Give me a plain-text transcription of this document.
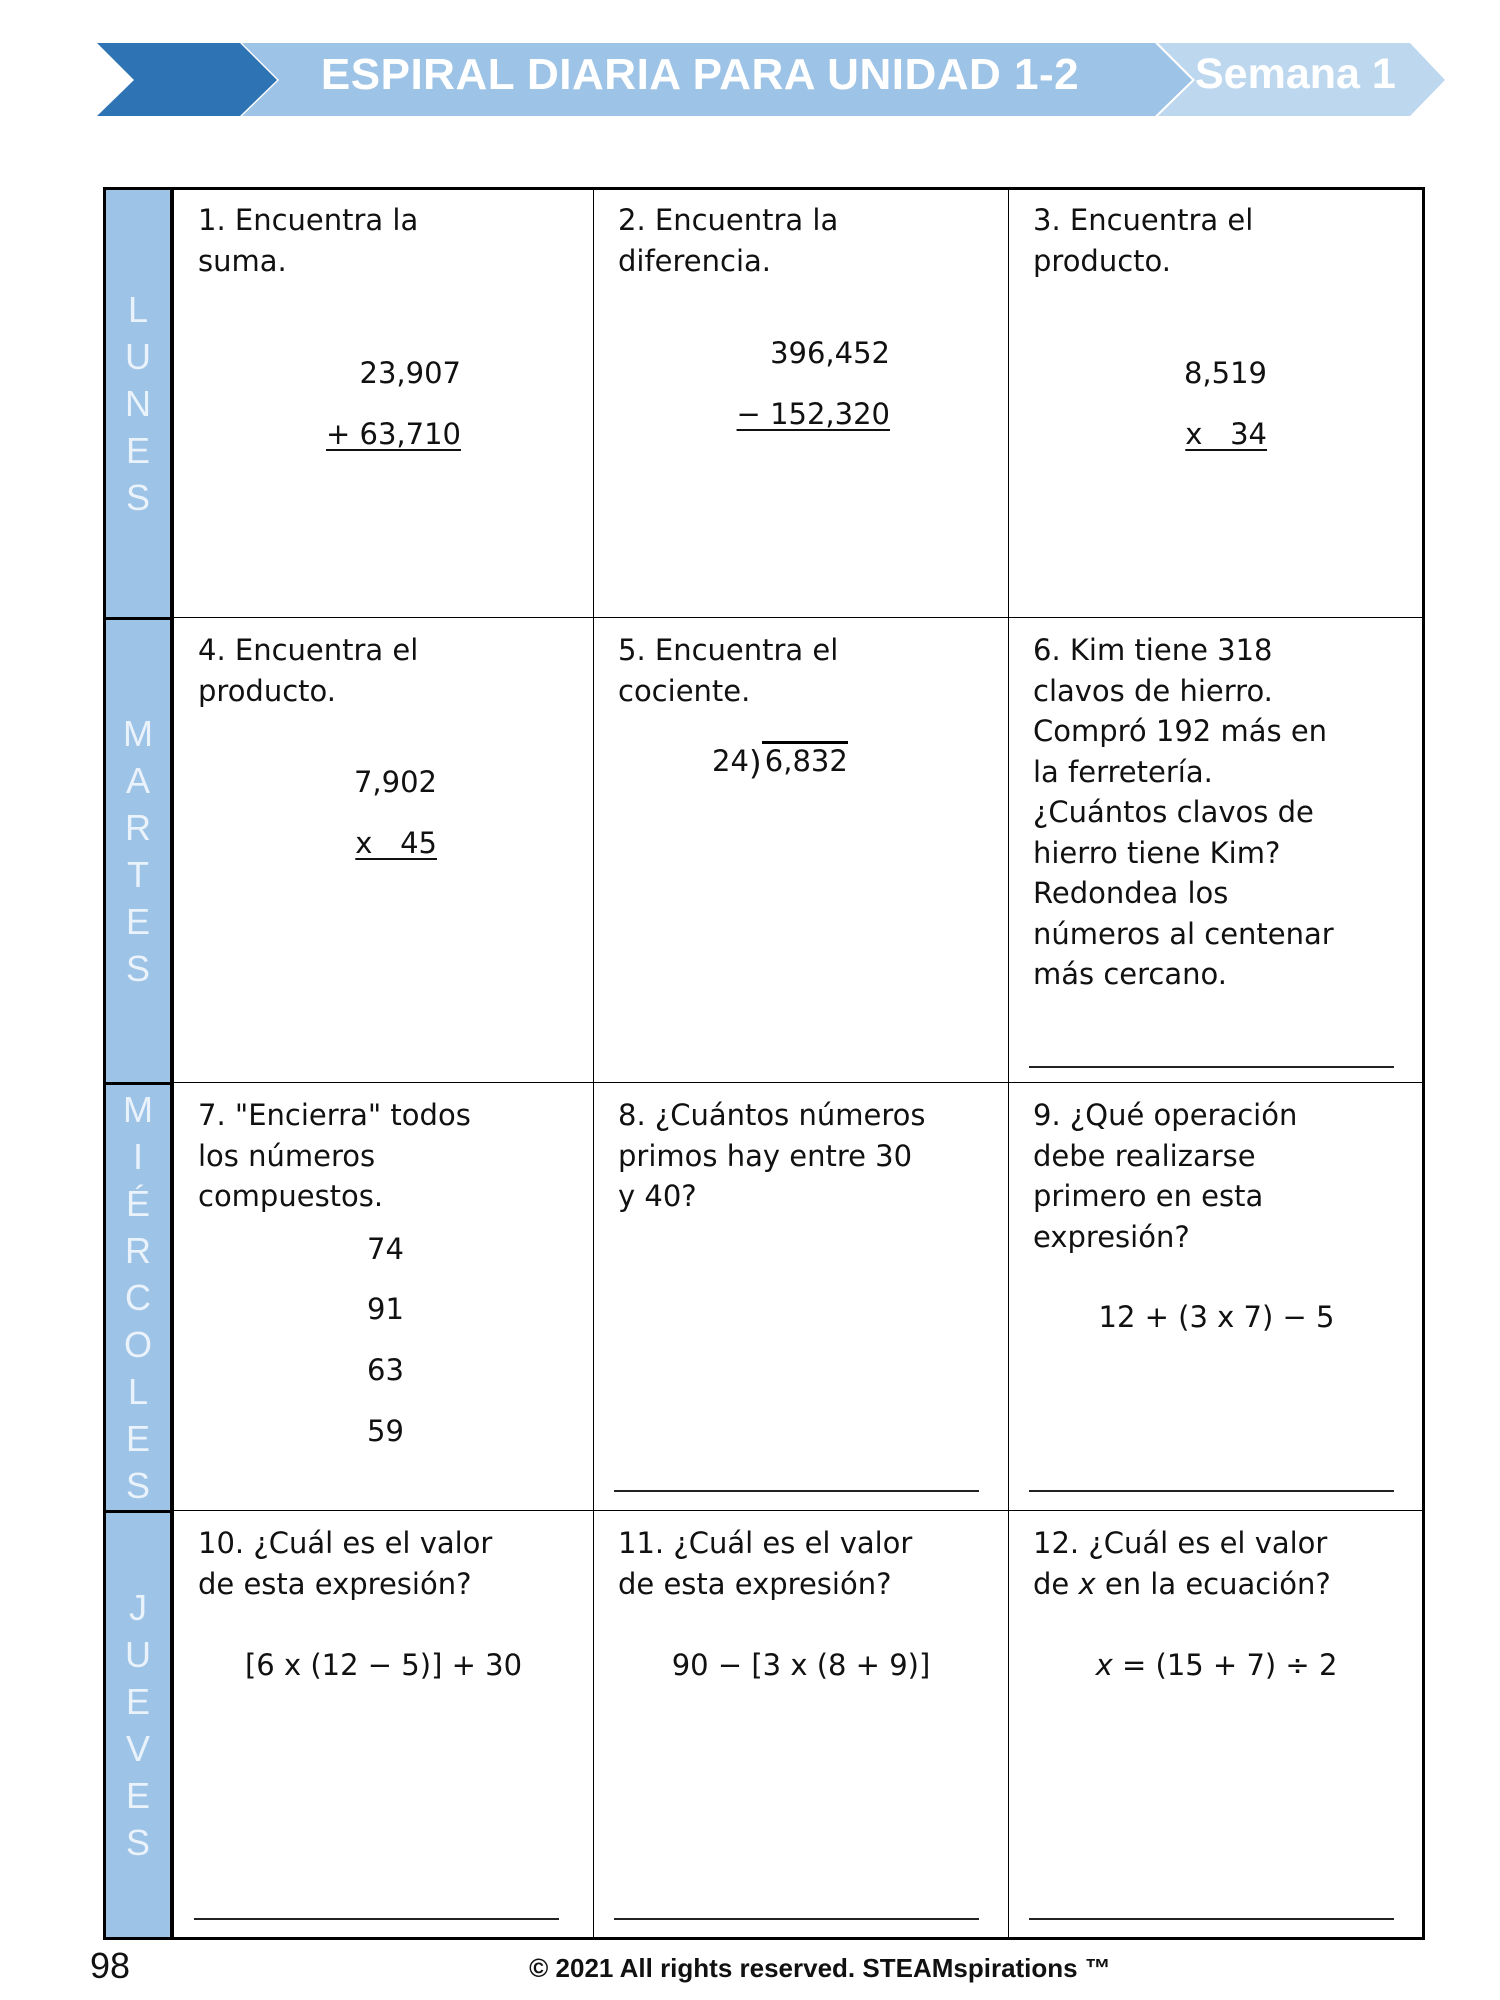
ESPIRAL DIARIA PARA UNIDAD 1-2	Semana 1
L
U
N
E
S
M
A
R
T
E
S
M
I
É
R
C
O
L
E
S
J
U
E
V
E
S
1. Encuentra la
suma.
23,907
+ 63,710
2. Encuentra la
diferencia.
396,452
− 152,320
3. Encuentra el
producto.
8,519
x   34
4. Encuentra el
producto.
7,902
x   45
5. Encuentra el
cociente.
24) 6,832
6. Kim tiene 318
clavos de hierro.
Compró 192 más en
la ferretería.
¿Cuántos clavos de
hierro tiene Kim?
Redondea los
números al centenar
más cercano.
7. "Encierra" todos
los números
compuestos.
74
91
63
59
8. ¿Cuántos números
primos hay entre 30
y 40?
9. ¿Qué operación
debe realizarse
primero en esta
expresión?
12 + (3 x 7) − 5
10. ¿Cuál es el valor
de esta expresión?
[6 x (12 − 5)] + 30
11. ¿Cuál es el valor
de esta expresión?
90 − [3 x (8 + 9)]
12. ¿Cuál es el valor
de x en la ecuación?
x = (15 + 7) ÷ 2
98	© 2021 All rights reserved. STEAMspirations ™
